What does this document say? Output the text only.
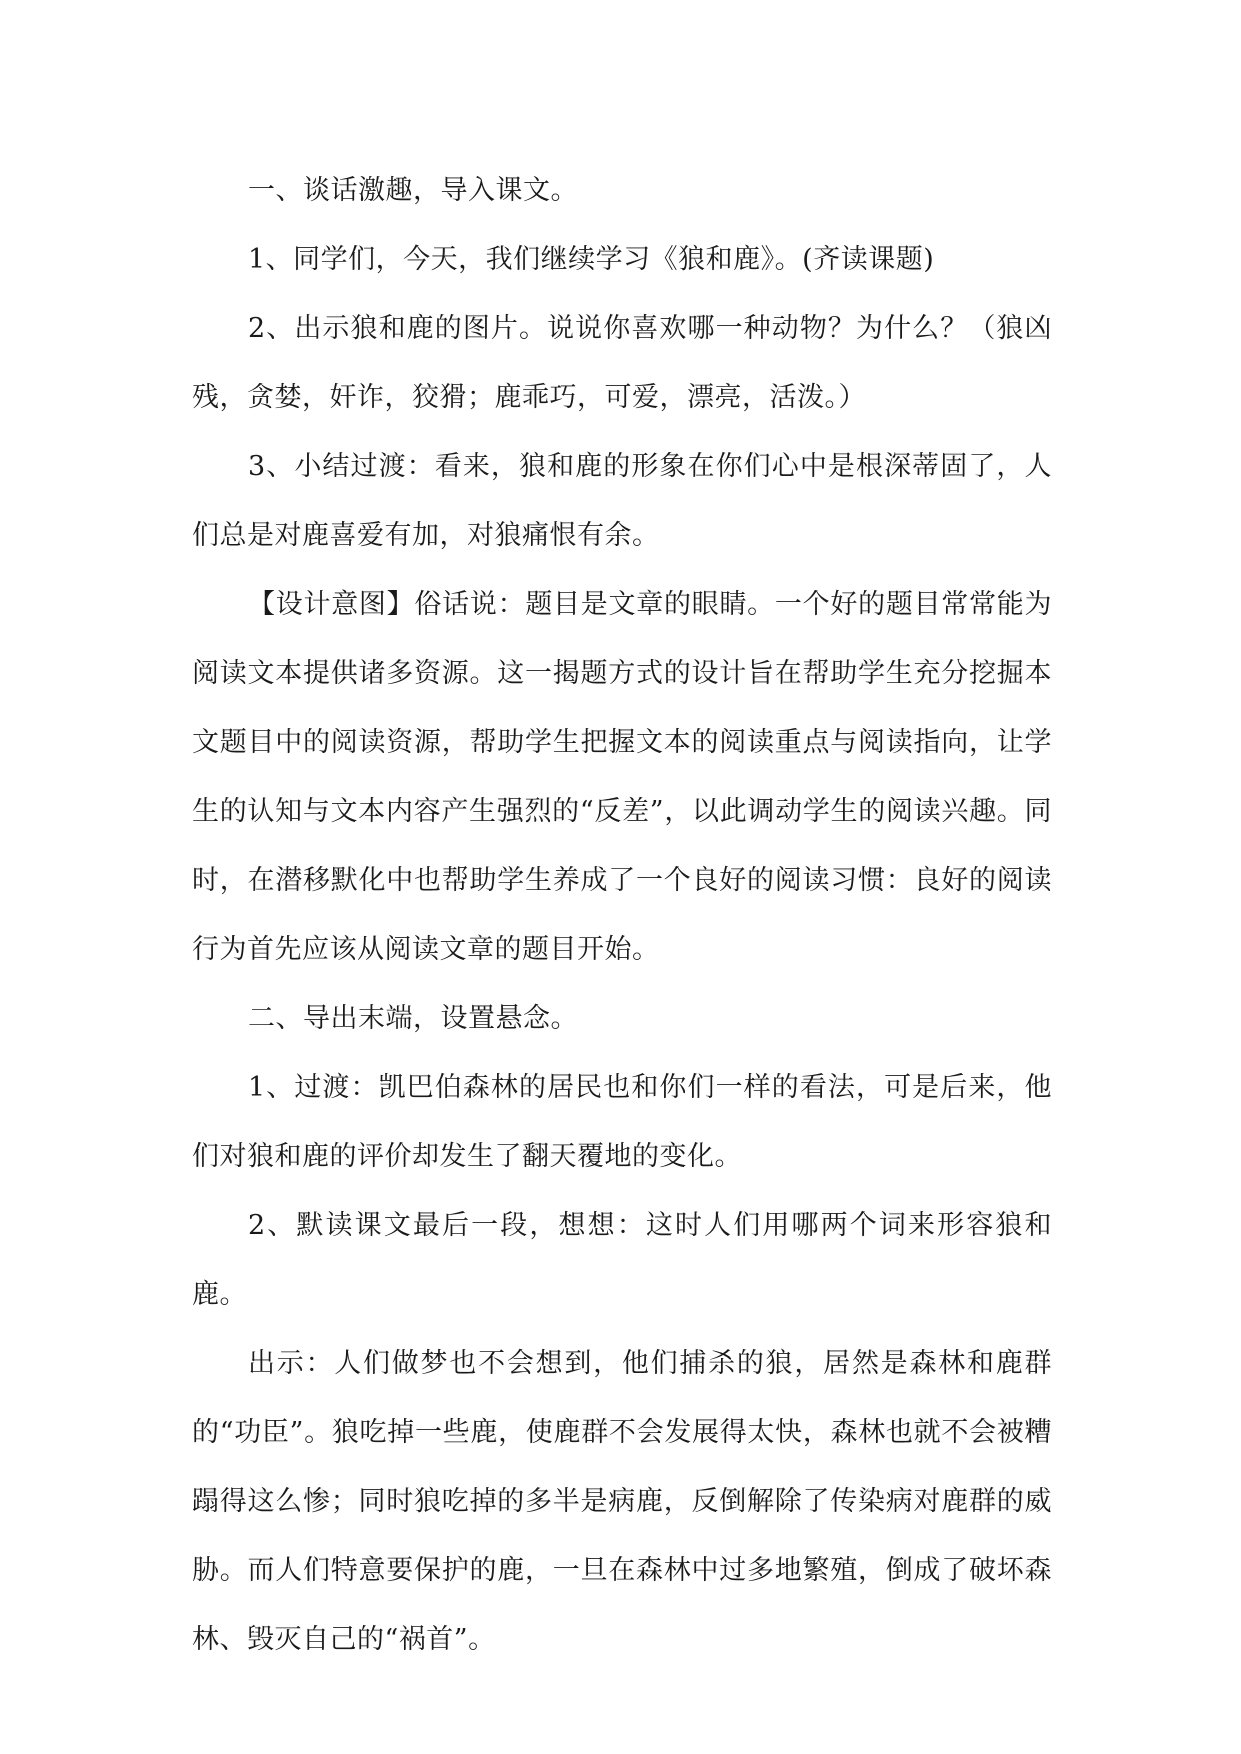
一、谈话激趣，导入课文。

1、同学们，今天，我们继续学习《狼和鹿》。(齐读课题)

2、出示狼和鹿的图片。说说你喜欢哪一种动物？为什么？（狼凶残，贪婪，奸诈，狡猾；鹿乖巧，可爱，漂亮，活泼。）

3、小结过渡：看来，狼和鹿的形象在你们心中是根深蒂固了，人们总是对鹿喜爱有加，对狼痛恨有余。

【设计意图】俗话说：题目是文章的眼睛。一个好的题目常常能为阅读文本提供诸多资源。这一揭题方式的设计旨在帮助学生充分挖掘本文题目中的阅读资源，帮助学生把握文本的阅读重点与阅读指向，让学生的认知与文本内容产生强烈的“反差”，以此调动学生的阅读兴趣。同时，在潜移默化中也帮助学生养成了一个良好的阅读习惯：良好的阅读行为首先应该从阅读文章的题目开始。

二、导出末端，设置悬念。

1、过渡：凯巴伯森林的居民也和你们一样的看法，可是后来，他们对狼和鹿的评价却发生了翻天覆地的变化。

2、默读课文最后一段，想想：这时人们用哪两个词来形容狼和鹿。

出示：人们做梦也不会想到，他们捕杀的狼，居然是森林和鹿群的“功臣”。狼吃掉一些鹿，使鹿群不会发展得太快，森林也就不会被糟蹋得这么惨；同时狼吃掉的多半是病鹿，反倒解除了传染病对鹿群的威胁。而人们特意要保护的鹿，一旦在森林中过多地繁殖，倒成了破坏森林、毁灭自己的“祸首”。
